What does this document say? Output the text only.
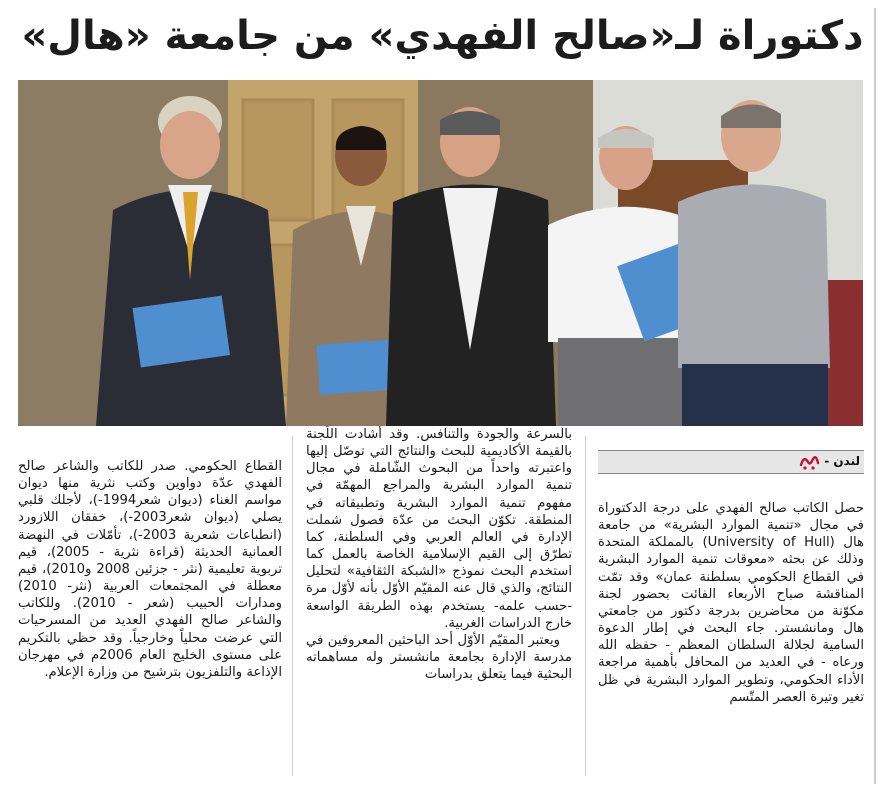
دكتوراة لـ«صالح الفهدي» من جامعة «هال»
لندن -

حصل الكاتب صالح الفهدي على درجة الدكتوراة في مجال «تنمية الموارد البشرية» من جامعة هال (University of Hull) بالمملكة المتحدة وذلك عن بحثه «معوقات تنمية الموارد البشرية في القطاع الحكومي بسلطنة عمان» وقد تمّت المناقشة صباح الأربعاء الفائت بحضور لجنة مكوّنة من محاضرين بدرجة دكتور من جامعتي هال ومانشستر. جاء البحث في إطار الدعوة السامية لجلالة السلطان المعظم - حفظه الله ورعاه - في العديد من المحافل بأهمية مراجعة الأداء الحكومي، وتطوير الموارد البشرية في ظل تغير وتيرة العصر المتّسم

بالسرعة والجودة والتنافس. وقد أشادت اللّجنة بالقيمة الأكاديمية للبحث والنتائج التي توصّل إليها واعتبرته واحداً من البحوث الشّاملة في مجال تنمية الموارد البشرية والمراجع المهمّة في مفهوم تنمية الموارد البشرية وتطبيقاته في المنطقة. تكوّن البحث من عدّة فصول شملت الإدارة في العالم العربي وفي السلطنة، كما تطرّق إلى القيم الإسلامية الخاصة بالعمل كما استخدم البحث نموذج «الشبكة الثقافية» لتحليل النتائج، والذي قال عنه المقيّم الأوّل بأنه لأوّل مرة -حسب علمه- يستخدم بهذه الطريقة الواسعة خارج الدراسات الغربية.

ويعتبر المقيّم الأوّل أحد الباحثين المعروفين في مدرسة الإدارة بجامعة مانشستر وله مساهماته البحثية فيما يتعلق بدراسات

القطاع الحكومي. صدر للكاتب والشاعر صالح الفهدي عدّة دواوين وكتب نثرية منها ديوان مواسم الغناء (ديوان شعر1994-)، لأجلك قلبي يصلي (ديوان شعر2003-)، خفقان اللازورد (انطباعات شعرية 2003-)، تأمّلات في النهضة العمانية الحديثة (قراءة نثرية - 2005)، قيم تربوية تعليمية (نثر - جزئين 2008 و2010)، قيم معطلة في المجتمعات العربية (نثر- 2010) ومدارات الحبيب (شعر - 2010). وللكاتب والشاعر صالح الفهدي العديد من المسرحيات التي عرضت محلياً وخارجياً. وقد حظي بالتكريم على مستوى الخليج العام 2006م في مهرجان الإذاعة والتلفزيون بترشيح من وزارة الإعلام.
